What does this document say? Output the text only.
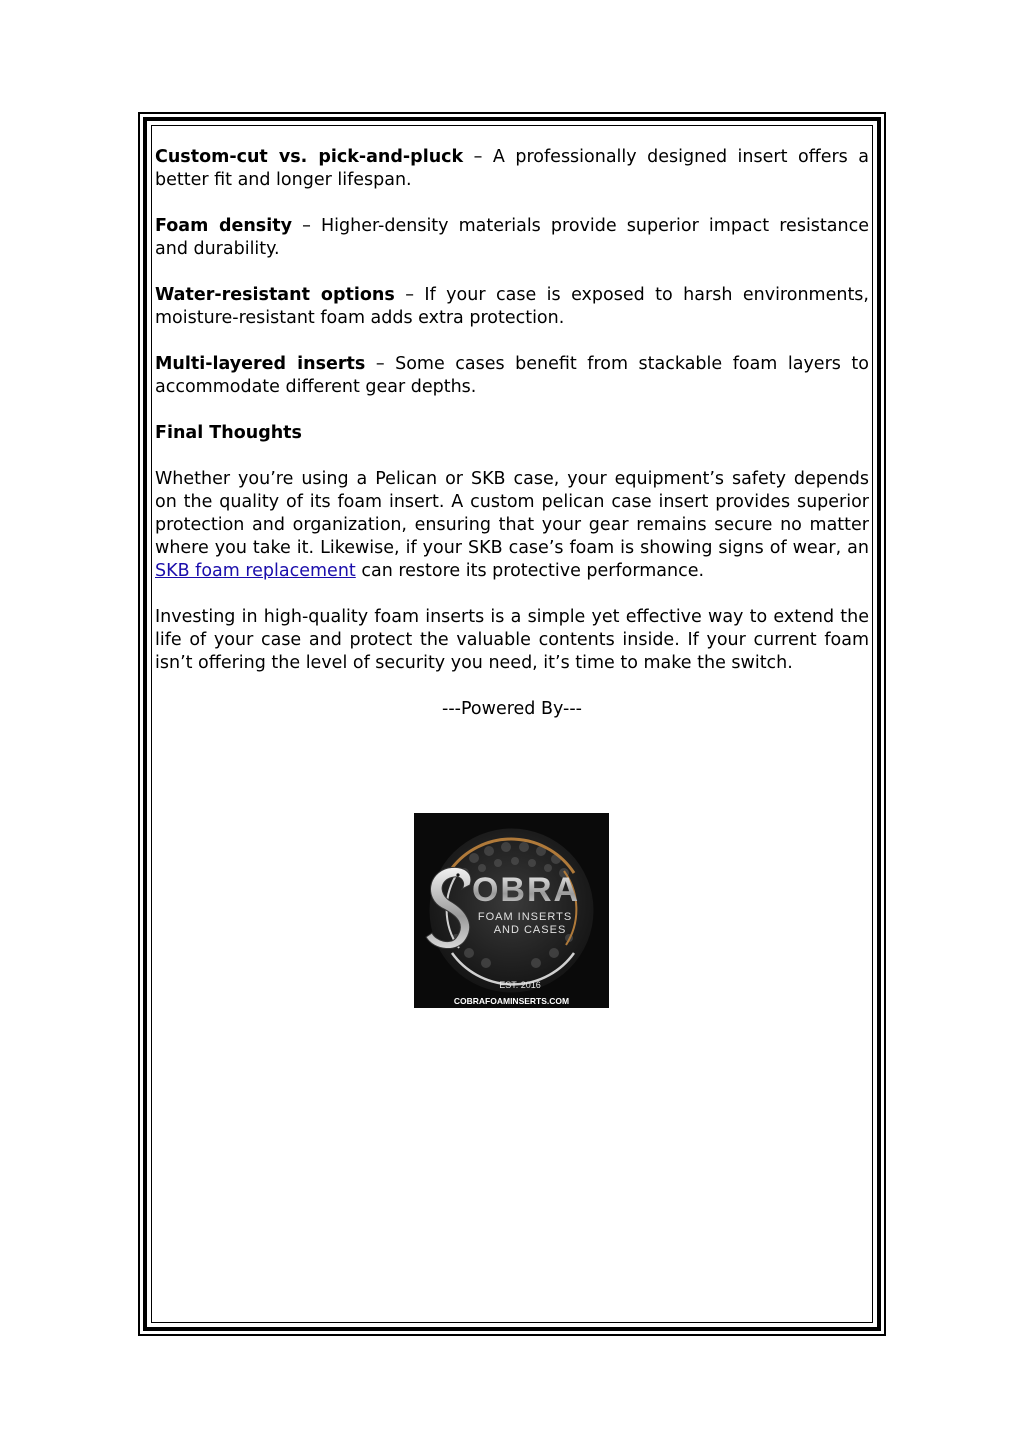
Custom-cut vs. pick-and-pluck – A professionally designed insert offers a better fit and longer lifespan.

Foam density – Higher-density materials provide superior impact resistance and durability.

Water-resistant options – If your case is exposed to harsh environments, moisture-resistant foam adds extra protection.

Multi-layered inserts – Some cases benefit from stackable foam layers to accommodate different gear depths.

Final Thoughts

Whether you’re using a Pelican or SKB case, your equipment’s safety depends on the quality of its foam insert. A custom pelican case insert provides superior protection and organization, ensuring that your gear remains secure no matter where you take it. Likewise, if your SKB case’s foam is showing signs of wear, an SKB foam replacement can restore its protective performance.

Investing in high-quality foam inserts is a simple yet effective way to extend the life of your case and protect the valuable contents inside. If your current foam isn’t offering the level of security you need, it’s time to make the switch.

---Powered By---

OBRA
FOAM INSERTS
AND CASES
EST. 2016
COBRAFOAMINSERTS.COM
